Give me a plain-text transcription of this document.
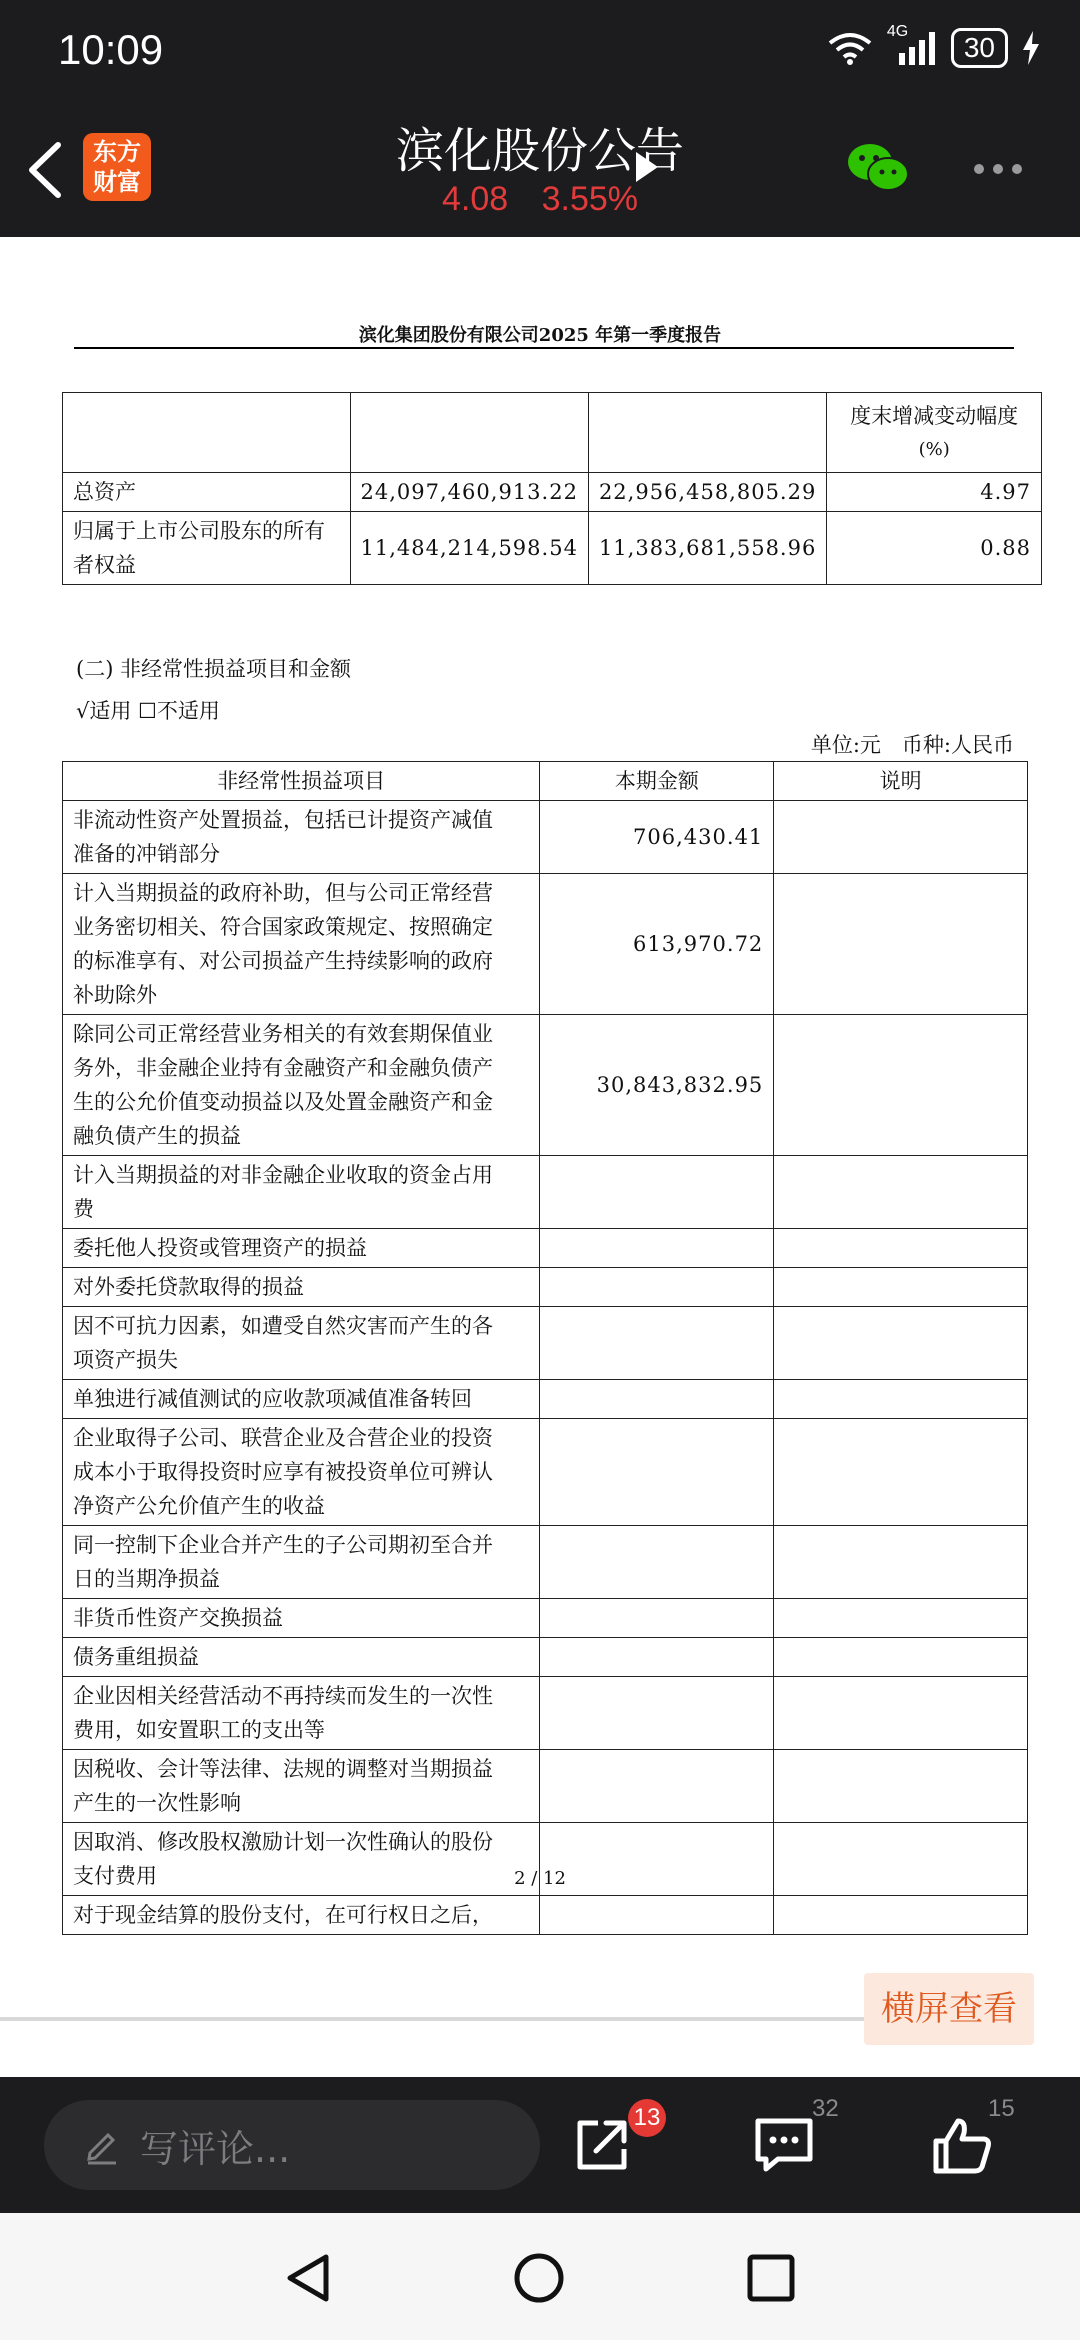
10:09	4G
30
东方
财富
滨化股份公告
4.08 3.55%
滨化集团股份有限公司2025 年第一季度报告

			度末增减变动幅度
(%)

总资产	24,097,460,913.22	22,956,458,805.29	4.97

归属于上市公司股东的所有
者权益	11,484,214,598.54	11,383,681,558.96	0.88
(二) 非经常性损益项目和金额
√适用 ☐不适用
单位:元　币种:人民币
非经常性损益项目	本期金额	说明

非流动性资产处置损益，包括已计提资产减值
准备的冲销部分	706,430.41	

计入当期损益的政府补助，但与公司正常经营
业务密切相关、符合国家政策规定、按照确定
的标准享有、对公司损益产生持续影响的政府
补助除外	613,970.72	

除同公司正常经营业务相关的有效套期保值业
务外，非金融企业持有金融资产和金融负债产
生的公允价值变动损益以及处置金融资产和金
融负债产生的损益	30,843,832.95	

计入当期损益的对非金融企业收取的资金占用
费		

委托他人投资或管理资产的损益		

对外委托贷款取得的损益		

因不可抗力因素，如遭受自然灾害而产生的各
项资产损失		

单独进行减值测试的应收款项减值准备转回		

企业取得子公司、联营企业及合营企业的投资
成本小于取得投资时应享有被投资单位可辨认
净资产公允价值产生的收益		

同一控制下企业合并产生的子公司期初至合并
日的当期净损益		

非货币性资产交换损益		

债务重组损益		

企业因相关经营活动不再持续而发生的一次性
费用，如安置职工的支出等		

因税收、会计等法律、法规的调整对当期损益
产生的一次性影响		

因取消、修改股权激励计划一次性确认的股份
支付费用		

对于现金结算的股份支付，在可行权日之后，		

2 / 12
横屏查看
写评论...
13	32	15
